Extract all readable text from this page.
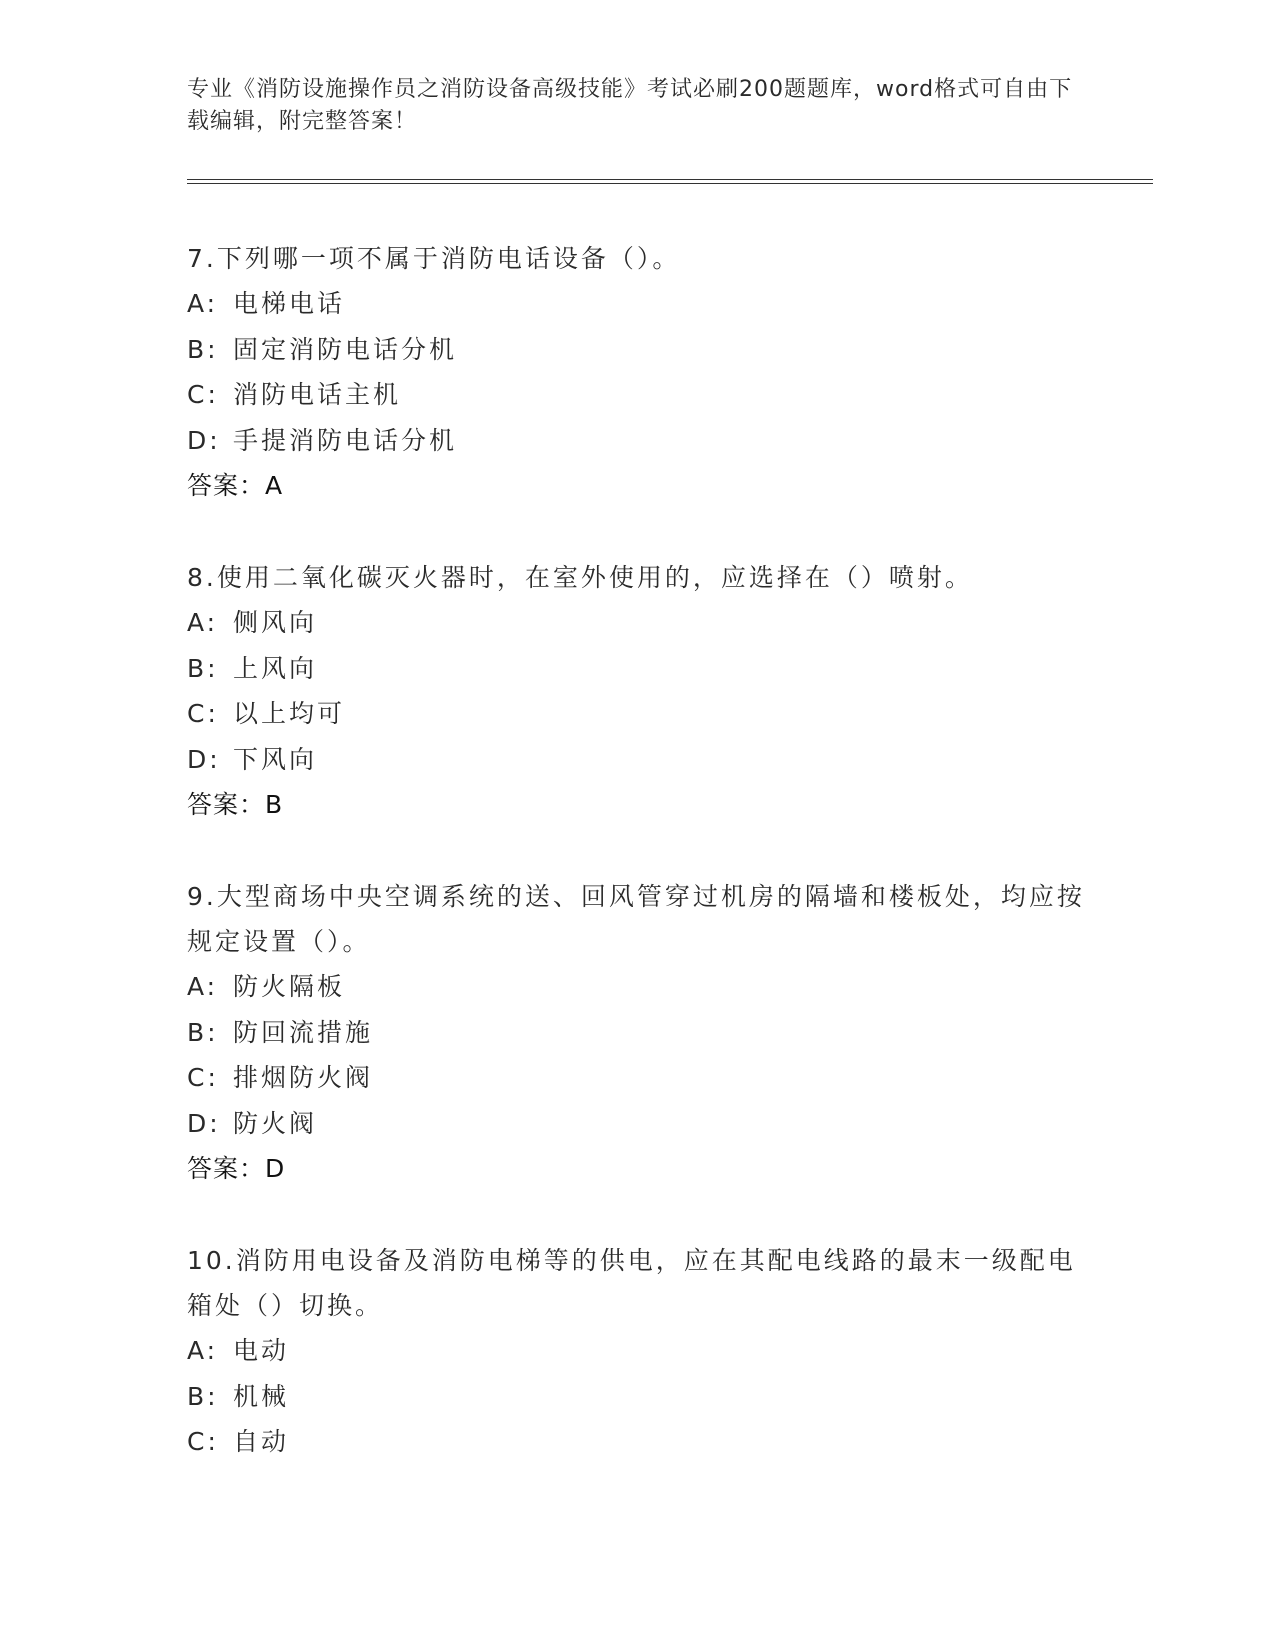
专业《消防设施操作员之消防设备高级技能》考试必刷200题题库，word格式可自由下载编辑，附完整答案！

7.下列哪一项不属于消防电话设备（）。

A: 电梯电话

B: 固定消防电话分机

C: 消防电话主机

D: 手提消防电话分机

答案：A

8.使用二氧化碳灭火器时，在室外使用的，应选择在（）喷射。

A: 侧风向

B: 上风向

C: 以上均可

D: 下风向

答案：B

9.大型商场中央空调系统的送、回风管穿过机房的隔墙和楼板处，均应按规定设置（）。

A: 防火隔板

B: 防回流措施

C: 排烟防火阀

D: 防火阀

答案：D

10.消防用电设备及消防电梯等的供电，应在其配电线路的最末一级配电箱处（）切换。

A: 电动

B: 机械

C: 自动
